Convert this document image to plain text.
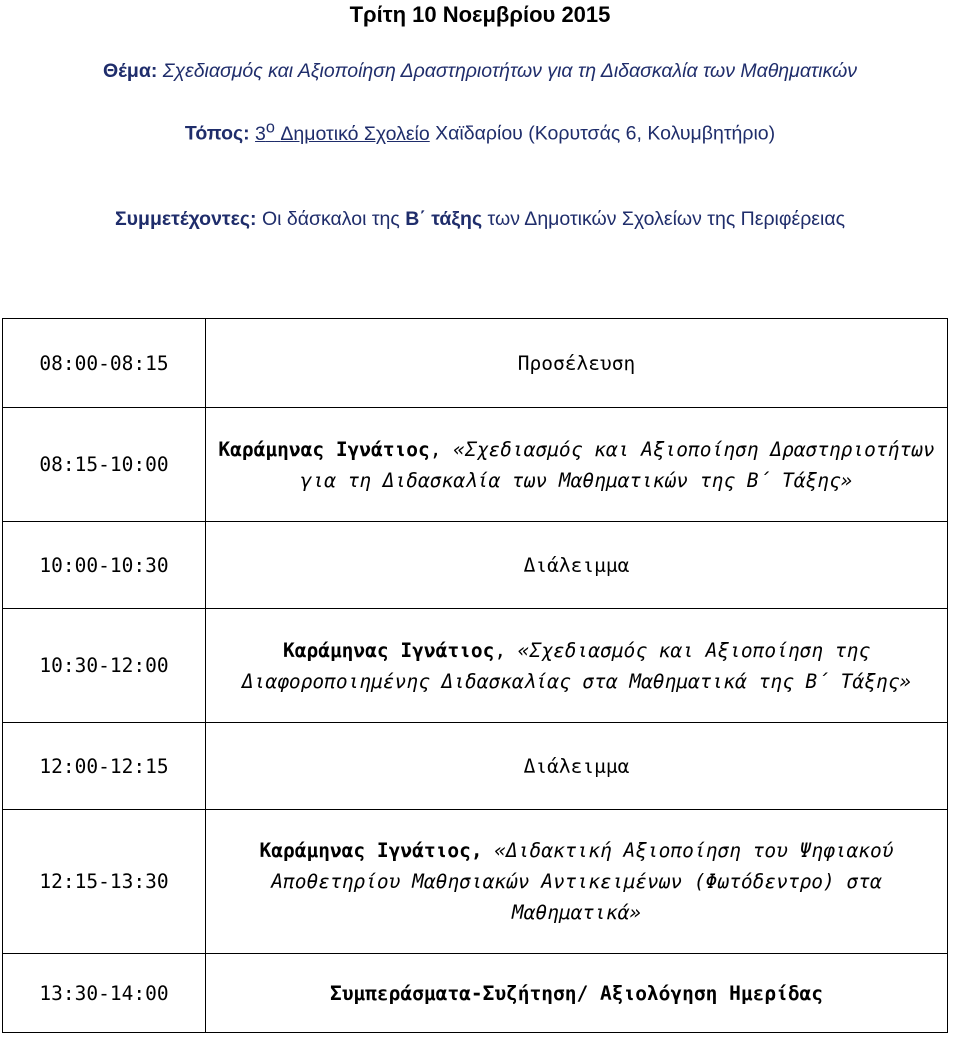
Τρίτη 10 Νοεμβρίου 2015
Θέμα: Σχεδιασμός και Αξιοποίηση Δραστηριοτήτων για τη Διδασκαλία των Μαθηματικών
Τόπος: $3^o$ Δημοτικό Σχολείο Χαϊδαρίου (Κορυτσάς 6, Κολυμβητήριο)
Συμμετέχοντες: Οι δάσκαλοι της Β΄ τάξης των Δημοτικών Σχολείων της Περιφέρειας
08:00-08:15	Προσέλευση
08:15-10:00	Καράμηνας Ιγνάτιος, «Σχεδιασμός και Αξιοποίηση Δραστηριοτήτων για τη Διδασκαλία των Μαθηματικών της Β΄ Τάξης»
10:00-10:30	Διάλειμμα
10:30-12:00	Καράμηνας Ιγνάτιος, «Σχεδιασμός και Αξιοποίηση της Διαφοροποιημένης Διδασκαλίας στα Μαθηματικά της Β΄ Τάξης»
12:00-12:15	Διάλειμμα
12:15-13:30	Καράμηνας Ιγνάτιος, «Διδακτική Αξιοποίηση του Ψηφιακού Αποθετηρίου Μαθησιακών Αντικειμένων (Φωτόδεντρο) στα Μαθηματικά»
13:30-14:00	Συμπεράσματα-Συζήτηση/ Αξιολόγηση Ημερίδας
